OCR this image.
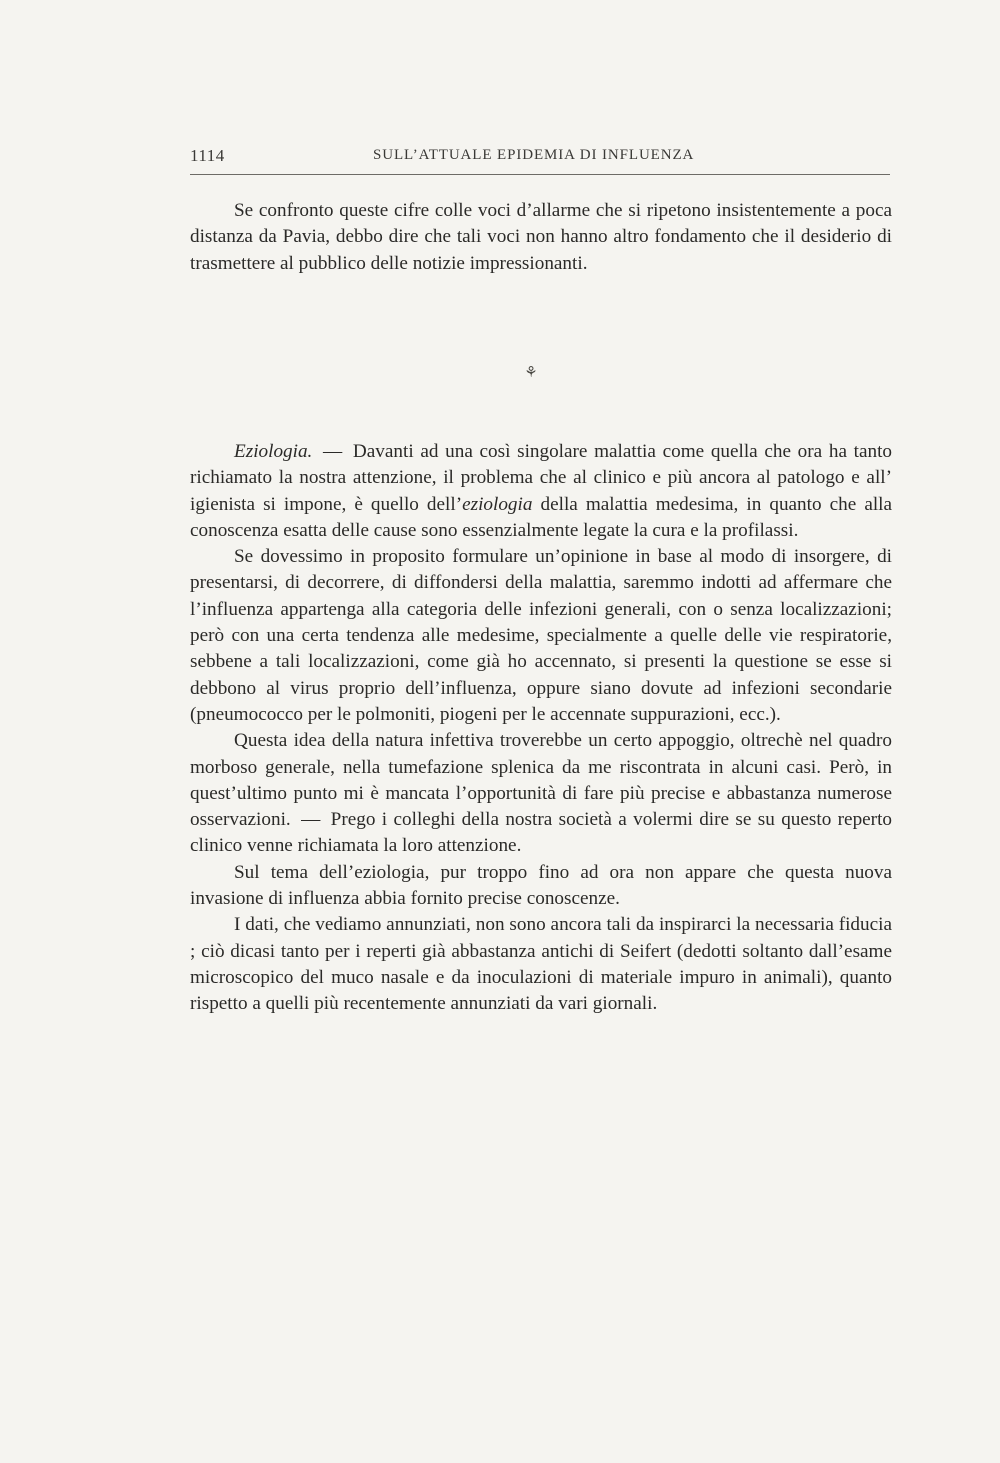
1114	SULL’ATTUALE EPIDEMIA DI INFLUENZA

Se confronto queste cifre colle voci d’allarme che si ripetono insistentemente a poca distanza da Pavia, debbo dire che tali voci non hanno altro fondamento che il desiderio di trasmettere al pubblico delle notizie impressionanti.

⚘

Eziologia. — Davanti ad una così singolare malattia come quella che ora ha tanto richiamato la nostra attenzione, il problema che al clinico e più ancora al patologo e all’ igienista si impone, è quello dell’eziologia della malattia medesima, in quanto che alla conoscenza esatta delle cause sono essenzialmente legate la cura e la profilassi.

Se dovessimo in proposito formulare un’opinione in base al modo di insorgere, di presentarsi, di decorrere, di diffondersi della malattia, saremmo indotti ad affermare che l’influenza appartenga alla categoria delle infezioni generali, con o senza localizzazioni; però con una certa tendenza alle medesime, specialmente a quelle delle vie respiratorie, sebbene a tali localizzazioni, come già ho accennato, si presenti la questione se esse si debbono al virus proprio dell’influenza, oppure siano dovute ad infezioni secondarie (pneumococco per le polmoniti, piogeni per le accennate suppurazioni, ecc.).

Questa idea della natura infettiva troverebbe un certo appoggio, oltrechè nel quadro morboso generale, nella tumefazione splenica da me riscontrata in alcuni casi. Però, in quest’ultimo punto mi è mancata l’opportunità di fare più precise e abbastanza numerose osservazioni. — Prego i colleghi della nostra società a volermi dire se su questo reperto clinico venne richiamata la loro attenzione.

Sul tema dell’eziologia, pur troppo fino ad ora non appare che questa nuova invasione di influenza abbia fornito precise conoscenze.

I dati, che vediamo annunziati, non sono ancora tali da inspirarci la necessaria fiducia ; ciò dicasi tanto per i reperti già abbastanza antichi di Seifert (dedotti soltanto dall’esame microscopico del muco nasale e da inoculazioni di materiale impuro in animali), quanto rispetto a quelli più recentemente annunziati da vari giornali.
